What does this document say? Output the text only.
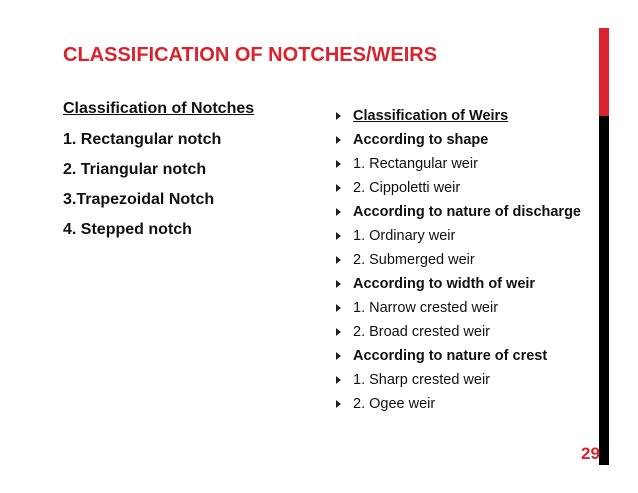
CLASSIFICATION OF NOTCHES/WEIRS
Classification of Notches
1. Rectangular notch
2. Triangular notch
3.Trapezoidal Notch
4. Stepped notch
Classification of Weirs
According to shape
1. Rectangular weir
2. Cippoletti weir
According to nature of discharge
1. Ordinary weir
2. Submerged weir
According to width of weir
1. Narrow crested weir
2. Broad crested weir
According to nature of crest
1. Sharp crested weir
2. Ogee weir
29
